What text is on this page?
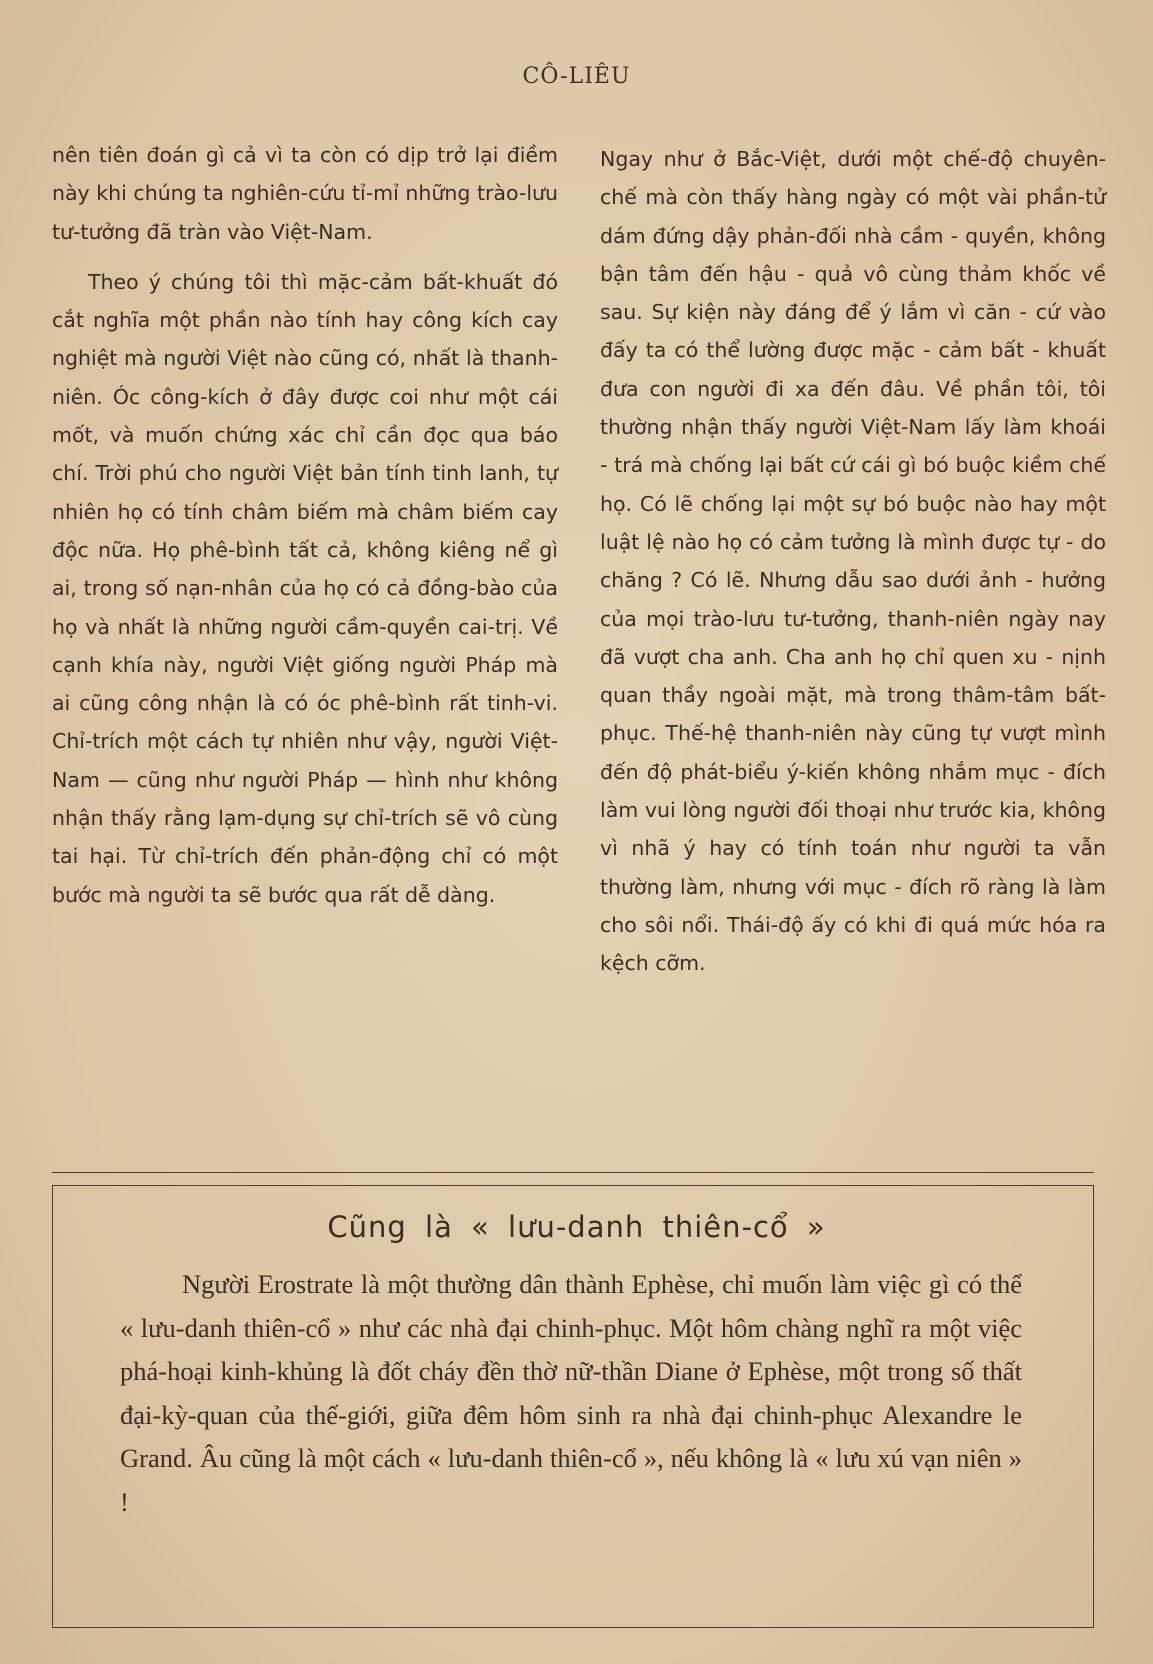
CÔ-LIÊU

nên tiên đoán gì cả vì ta còn có dịp trở lại điềm này khi chúng ta nghiên-cứu tỉ-mỉ những trào-lưu tư-tưởng đã tràn vào Việt-Nam.

Theo ý chúng tôi thì mặc-cảm bất-khuất đó cắt nghĩa một phần nào tính hay công kích cay nghiệt mà người Việt nào cũng có, nhất là thanh-niên. Óc công-kích ở đây được coi như một cái mốt, và muốn chứng xác chỉ cần đọc qua báo chí. Trời phú cho người Việt bản tính tinh lanh, tự nhiên họ có tính châm biếm mà châm biếm cay độc nữa. Họ phê-bình tất cả, không kiêng nể gì ai, trong số nạn-nhân của họ có cả đồng-bào của họ và nhất là những người cầm-quyền cai-trị. Về cạnh khía này, người Việt giống người Pháp mà ai cũng công nhận là có óc phê-bình rất tinh-vi. Chỉ-trích một cách tự nhiên như vậy, người Việt-Nam — cũng như người Pháp — hình như không nhận thấy rằng lạm-dụng sự chỉ-trích sẽ vô cùng tai hại. Từ chỉ-trích đến phản-động chỉ có một bước mà người ta sẽ bước qua rất dễ dàng.

Ngay như ở Bắc-Việt, dưới một chế-độ chuyên-chế mà còn thấy hàng ngày có một vài phần-tử dám đứng dậy phản-đối nhà cầm - quyền, không bận tâm đến hậu - quả vô cùng thảm khốc về sau. Sự kiện này đáng để ý lắm vì căn - cứ vào đấy ta có thể lường được mặc - cảm bất - khuất đưa con người đi xa đến đâu. Về phần tôi, tôi thường nhận thấy người Việt-Nam lấy làm khoái - trá mà chống lại bất cứ cái gì bó buộc kiềm chế họ. Có lẽ chống lại một sự bó buộc nào hay một luật lệ nào họ có cảm tưởng là mình được tự - do chăng ? Có lẽ. Nhưng dẫu sao dưới ảnh - hưởng của mọi trào-lưu tư-tưởng, thanh-niên ngày nay đã vượt cha anh. Cha anh họ chỉ quen xu - nịnh quan thầy ngoài mặt, mà trong thâm-tâm bất-phục. Thế-hệ thanh-niên này cũng tự vượt mình đến độ phát-biểu ý-kiến không nhắm mục - đích làm vui lòng người đối thoại như trước kia, không vì nhã ý hay có tính toán như người ta vẫn thường làm, nhưng với mục - đích rõ ràng là làm cho sôi nổi. Thái-độ ấy có khi đi quá mức hóa ra kệch cỡm.

Cũng là « lưu-danh thiên-cổ »

Người Erostrate là một thường dân thành Ephèse, chỉ muốn làm việc gì có thể « lưu-danh thiên-cổ » như các nhà đại chinh-phục. Một hôm chàng nghĩ ra một việc phá-hoại kinh-khủng là đốt cháy đền thờ nữ-thần Diane ở Ephèse, một trong số thất đại-kỳ-quan của thế-giới, giữa đêm hôm sinh ra nhà đại chinh-phục Alexandre le Grand. Âu cũng là một cách « lưu-danh thiên-cổ », nếu không là « lưu xú vạn niên » !
